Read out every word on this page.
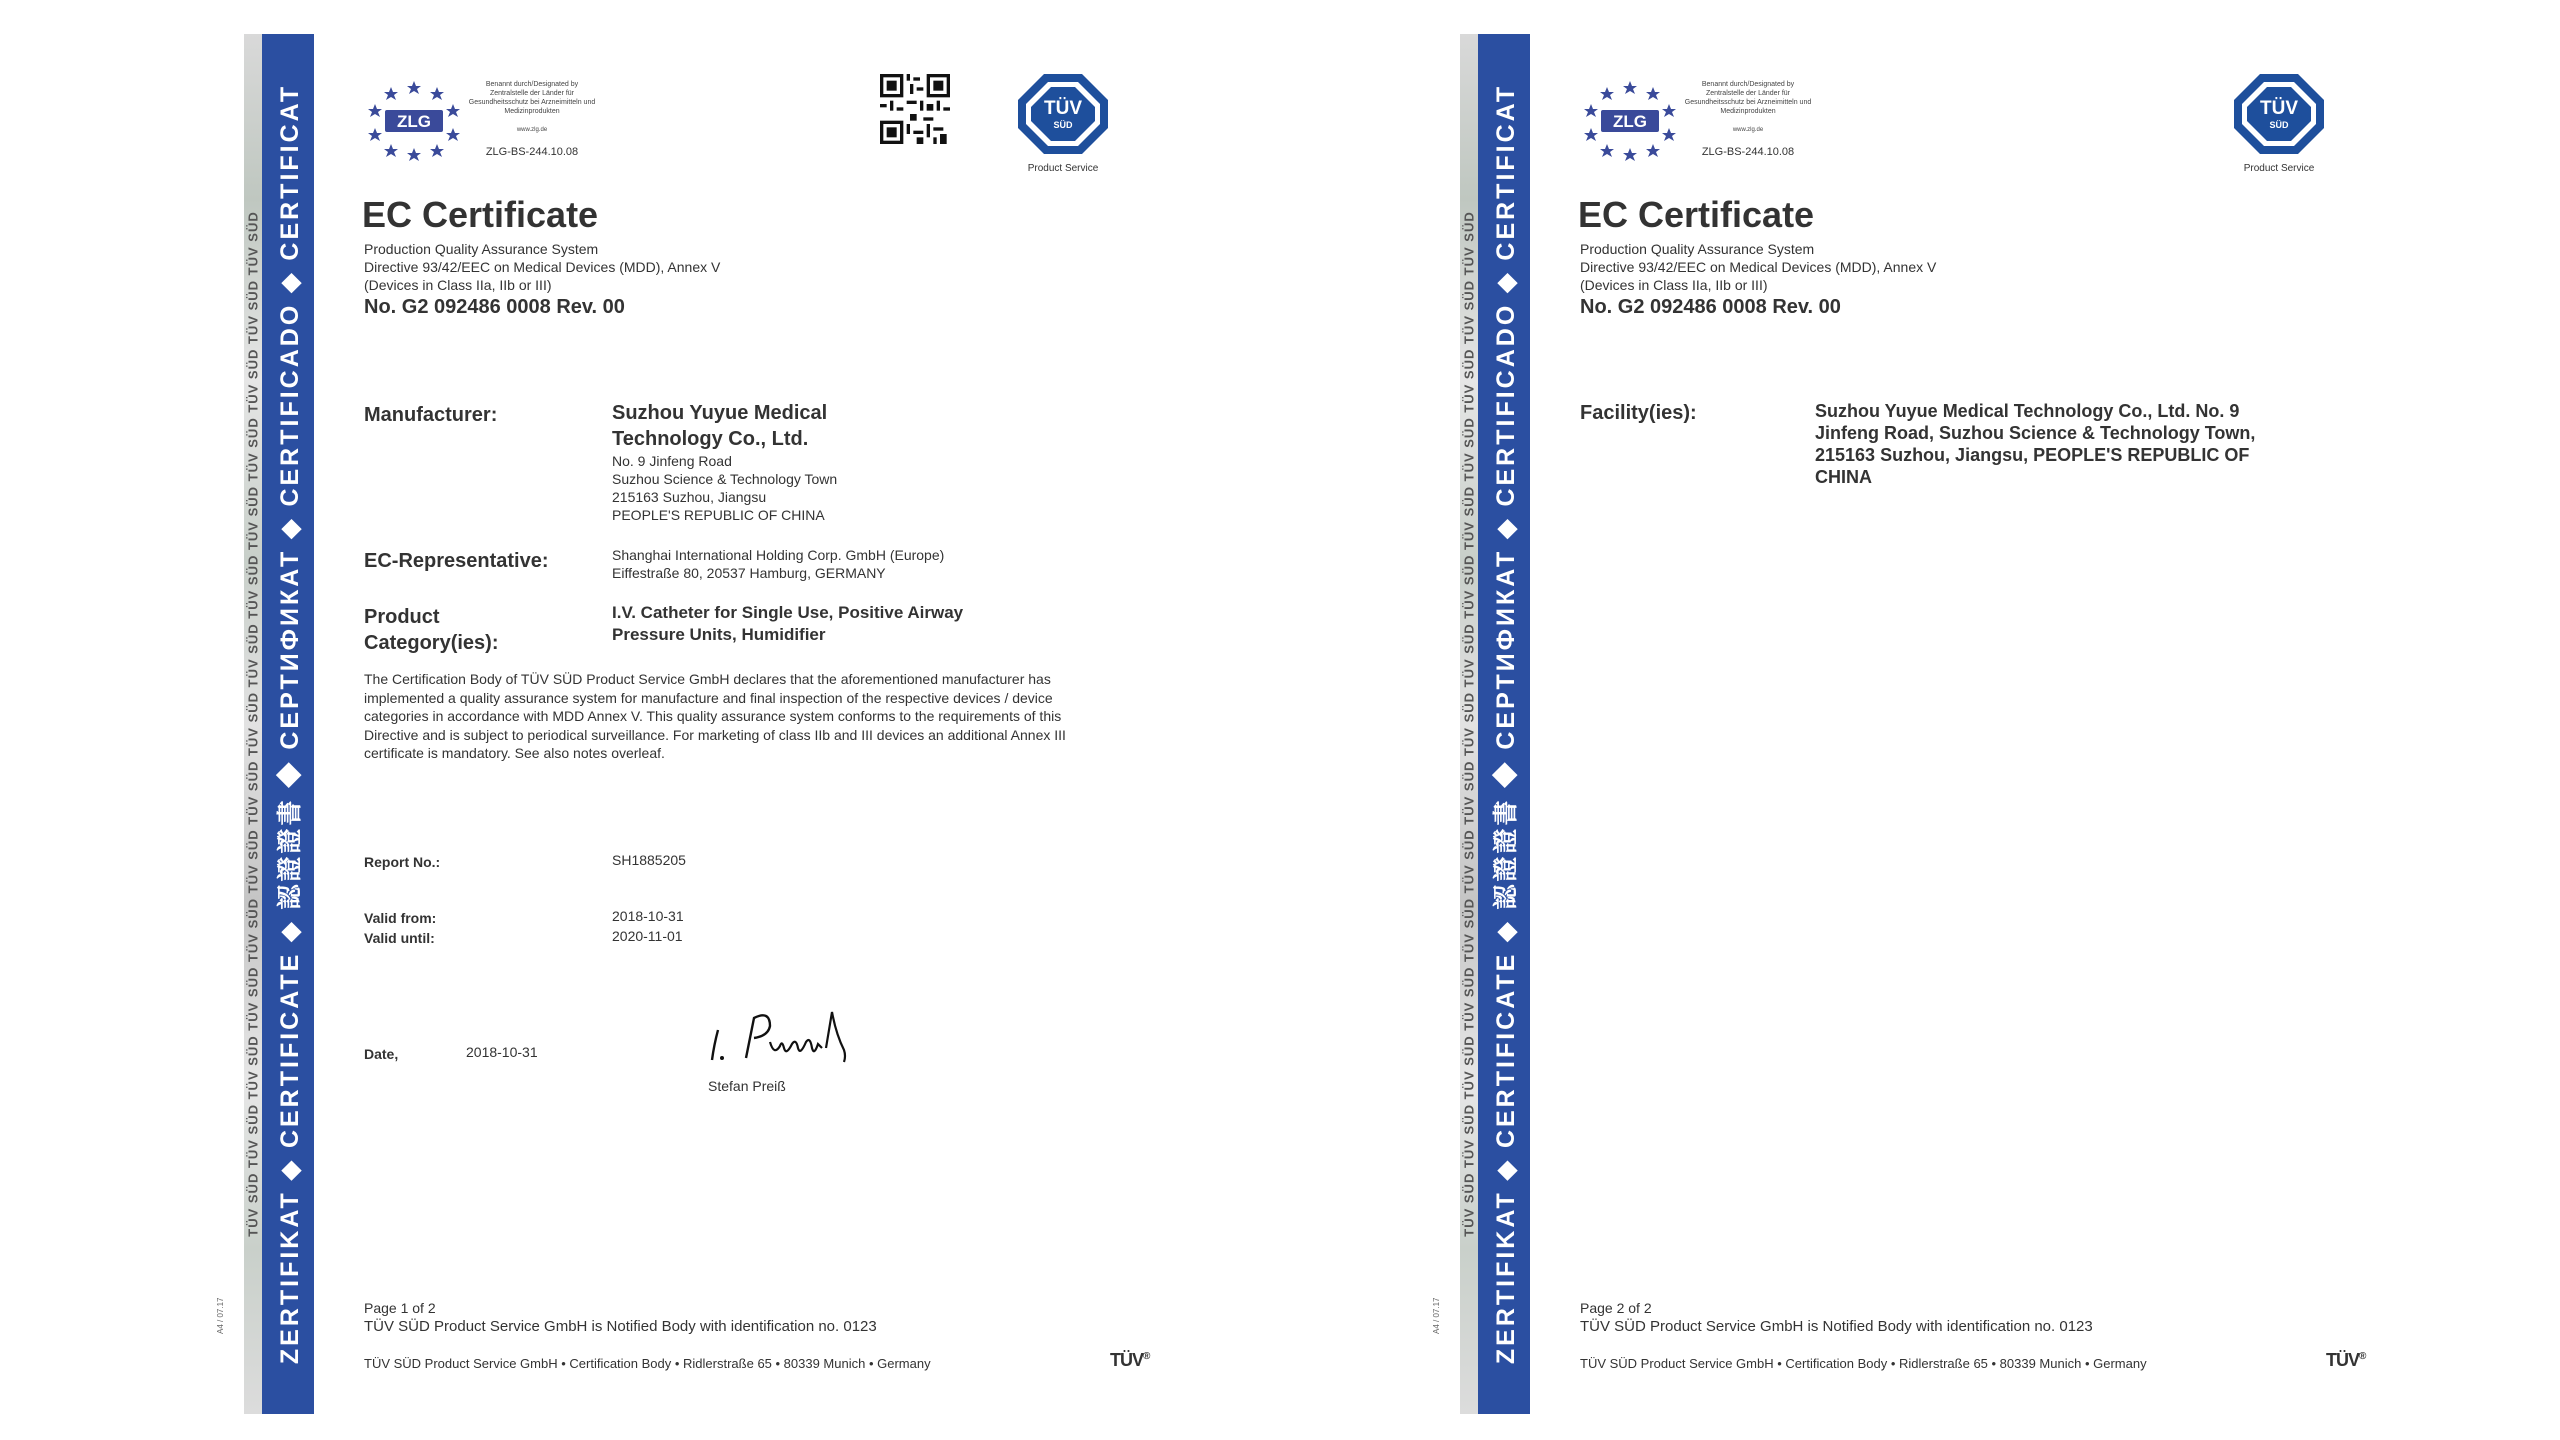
TÜV SÜD TÜV SÜD TÜV SÜD TÜV SÜD TÜV SÜD TÜV SÜD TÜV SÜD TÜV SÜD TÜV SÜD TÜV SÜD TÜV SÜD TÜV SÜD TÜV SÜD TÜV SÜD TÜV SÜD ZERTIFIKAT ◆ CERTIFICATE ◆ 認證證書 ◆ СЕРТИФИКАТ ◆ CERTIFICADO ◆ CERTIFICAT
A4 / 07.17
ZLG
Benannt durch/Designated by Zentralstelle der Länder für Gesundheitsschutz bei Arzneimitteln und Medizinprodukten
www.zlg.de
ZLG-BS-244.10.08
TÜV
SÜD
Product Service
EC Certificate
Production Quality Assurance System
Directive 93/42/EEC on Medical Devices (MDD), Annex V
(Devices in Class IIa, IIb or III)
No. G2 092486 0008 Rev. 00
Manufacturer:	Suzhou Yuyue Medical
Technology Co., Ltd.
No. 9 Jinfeng Road
Suzhou Science & Technology Town
215163 Suzhou, Jiangsu
PEOPLE'S REPUBLIC OF CHINA
EC-Representative:	Shanghai International Holding Corp. GmbH (Europe)
Eiffestraße 80, 20537 Hamburg, GERMANY
Product
Category(ies):
I.V. Catheter for Single Use, Positive Airway
Pressure Units, Humidifier
The Certification Body of TÜV SÜD Product Service GmbH declares that the aforementioned manufacturer has implemented a quality assurance system for manufacture and final inspection of the respective devices / device categories in accordance with MDD Annex V. This quality assurance system conforms to the requirements of this Directive and is subject to periodical surveillance. For marketing of class IIb and III devices an additional Annex III certificate is mandatory. See also notes overleaf.
Report No.:	SH1885205
Valid from:	2018-10-31
Valid until:	2020-11-01
Date,	2018-10-31
Stefan Preiß
Page 1 of 2
TÜV SÜD Product Service GmbH is Notified Body with identification no. 0123
TÜV SÜD Product Service GmbH • Certification Body • Ridlerstraße 65 • 80339 Munich • Germany	TÜV®
TÜV SÜD TÜV SÜD TÜV SÜD TÜV SÜD TÜV SÜD TÜV SÜD TÜV SÜD TÜV SÜD TÜV SÜD TÜV SÜD TÜV SÜD TÜV SÜD TÜV SÜD TÜV SÜD TÜV SÜD ZERTIFIKAT ◆ CERTIFICATE ◆ 認證證書 ◆ СЕРТИФИКАТ ◆ CERTIFICADO ◆ CERTIFICAT
A4 / 07.17
ZLG
Benannt durch/Designated by Zentralstelle der Länder für Gesundheitsschutz bei Arzneimitteln und Medizinprodukten
www.zlg.de
ZLG-BS-244.10.08
TÜV
SÜD
Product Service
EC Certificate
Production Quality Assurance System
Directive 93/42/EEC on Medical Devices (MDD), Annex V
(Devices in Class IIa, IIb or III)
No. G2 092486 0008 Rev. 00
Facility(ies):	Suzhou Yuyue Medical Technology Co., Ltd. No. 9 Jinfeng Road, Suzhou Science & Technology Town, 215163 Suzhou, Jiangsu, PEOPLE'S REPUBLIC OF CHINA
Page 2 of 2
TÜV SÜD Product Service GmbH is Notified Body with identification no. 0123
TÜV SÜD Product Service GmbH • Certification Body • Ridlerstraße 65 • 80339 Munich • Germany	TÜV®
